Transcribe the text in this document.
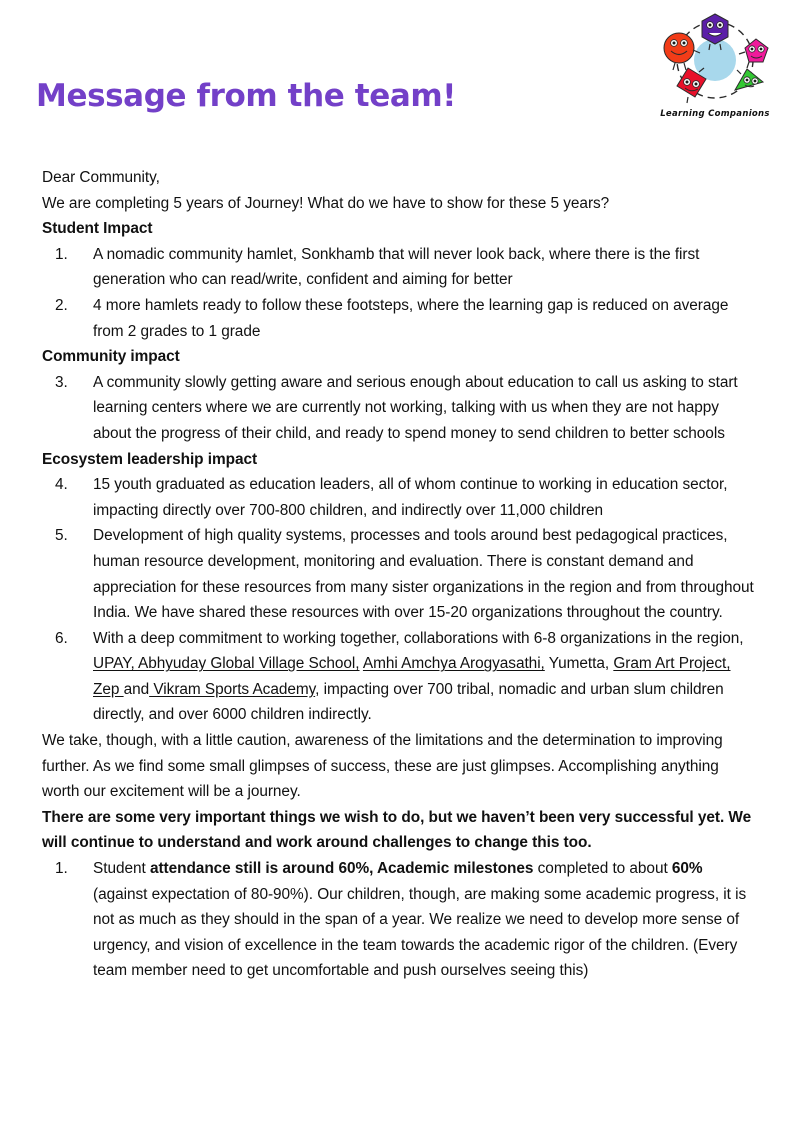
Learning Companions
Message from the team!

Dear Community,

We are completing 5 years of Journey! What do we have to show for these 5 years?

Student Impact

1.	A nomadic community hamlet, Sonkhamb that will never look back, where there is the first generation who can read/write, confident and aiming for better
2.	4 more hamlets ready to follow these footsteps, where the learning gap is reduced on average from 2 grades to 1 grade

Community impact

3.	A community slowly getting aware and serious enough about education to call us asking to start learning centers where we are currently not working, talking with us when they are not happy about the progress of their child, and ready to spend money to send children to better schools

Ecosystem leadership impact

4.	15 youth graduated as education leaders, all of whom continue to working in education sector, impacting directly over 700-800 children, and indirectly over 11,000 children
5.	Development of high quality systems, processes and tools around best pedagogical practices, human resource development, monitoring and evaluation. There is constant demand and appreciation for these resources from many sister organizations in the region and from throughout India. We have shared these resources with over 15-20 organizations throughout the country.
6.	With a deep commitment to working together, collaborations with 6-8 organizations in the region, UPAY, Abhyuday Global Village School, Amhi Amchya Arogyasathi, Yumetta, Gram Art Project, Zep and Vikram Sports Academy, impacting over 700 tribal, nomadic and urban slum children directly, and over 6000 children indirectly.

We take, though, with a little caution, awareness of the limitations and the determination to improving further. As we find some small glimpses of success, these are just glimpses. Accomplishing anything worth our excitement will be a journey.

There are some very important things we wish to do, but we haven’t been very successful yet. We will continue to understand and work around challenges to change this too.

1.	Student attendance still is around 60%, Academic milestones completed to about 60% (against expectation of 80-90%). Our children, though, are making some academic progress, it is not as much as they should in the span of a year. We realize we need to develop more sense of urgency, and vision of excellence in the team towards the academic rigor of the children. (Every team member need to get uncomfortable and push ourselves seeing this)
